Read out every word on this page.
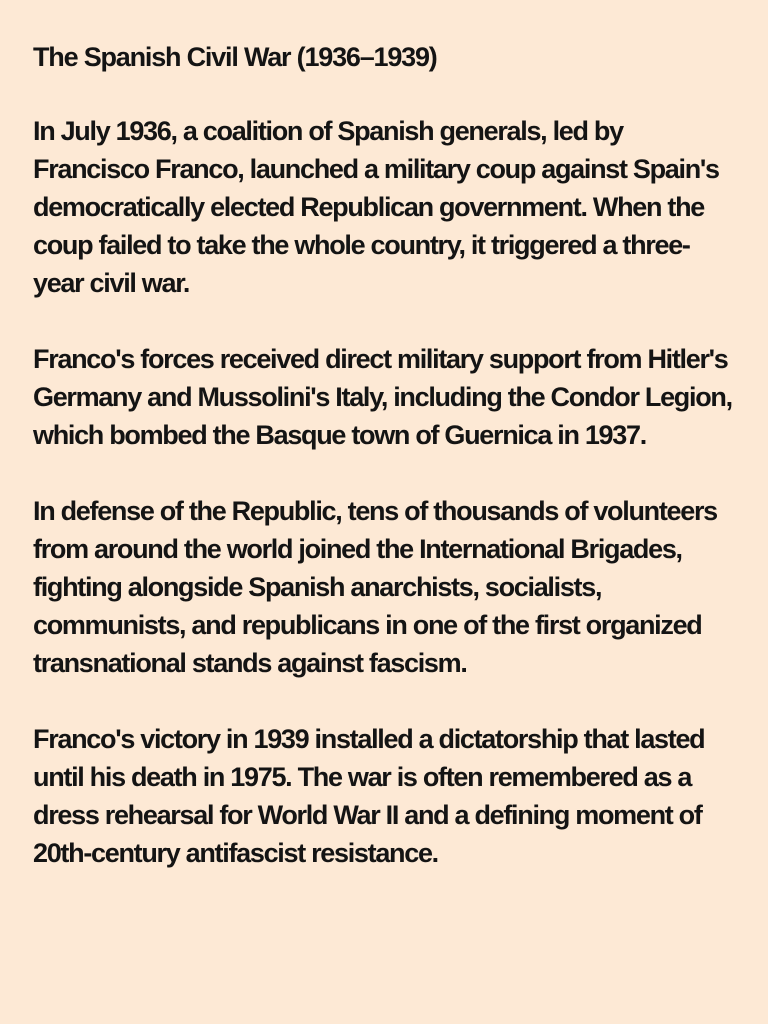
The Spanish Civil War (1936–1939)

In July 1936, a coalition of Spanish generals, led by Francisco Franco, launched a military coup against Spain's democratically elected Republican government. When the coup failed to take the whole country, it triggered a three-year civil war.

Franco's forces received direct military support from Hitler's Germany and Mussolini's Italy, including the Condor Legion, which bombed the Basque town of Guernica in 1937.

In defense of the Republic, tens of thousands of volunteers from around the world joined the International Brigades, fighting alongside Spanish anarchists, socialists, communists, and republicans in one of the first organized transnational stands against fascism.

Franco's victory in 1939 installed a dictatorship that lasted until his death in 1975. The war is often remembered as a dress rehearsal for World War II and a defining moment of 20th-century antifascist resistance.
